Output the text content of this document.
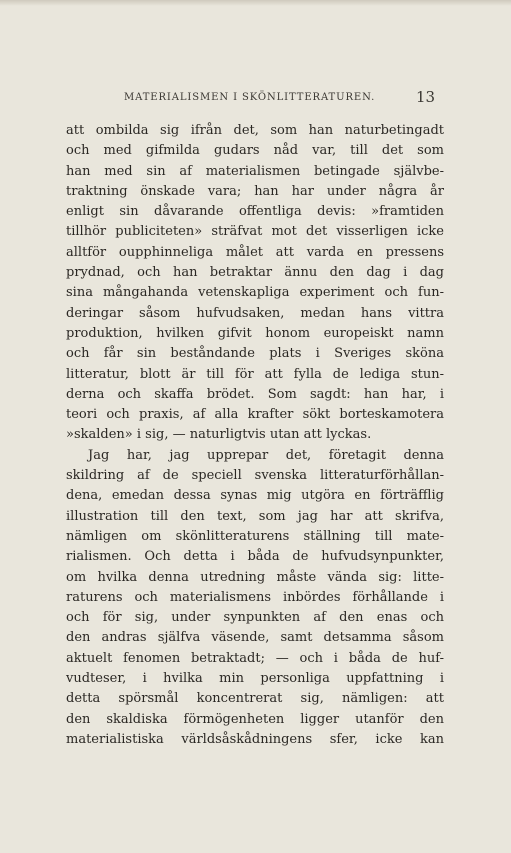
MATERIALISMEN I SKÖNLITTERATUREN.	13
att ombilda sig ifrån det, som han naturbetingadt
och med gifmilda gudars nåd var, till det som
han med sin af materialismen betingade självbe-
traktning önskade vara; han har under några år
enligt sin dåvarande offentliga devis: »framtiden
tillhör publiciteten» sträfvat mot det visserligen icke
alltför oupphinneliga målet att varda en pressens
prydnad, och han betraktar ännu den dag i dag
sina mångahanda vetenskapliga experiment och fun-
deringar såsom hufvudsaken, medan hans vittra
produktion, hvilken gifvit honom europeiskt namn
och får sin beståndande plats i Sveriges sköna
litteratur, blott är till för att fylla de lediga stun-
derna och skaffa brödet. Som sagdt: han har, i
teori och praxis, af alla krafter sökt borteskamotera
»skalden» i sig, — naturligtvis utan att lyckas.
Jag har, jag upprepar det, företagit denna
skildring af de speciell svenska litteraturförhållan-
dena, emedan dessa synas mig utgöra en förträfflig
illustration till den text, som jag har att skrifva,
nämligen om skönlitteraturens ställning till mate-
rialismen. Och detta i båda de hufvudsynpunkter,
om hvilka denna utredning måste vända sig: litte-
raturens och materialismens inbördes förhållande i
och för sig, under synpunkten af den enas och
den andras själfva väsende, samt detsamma såsom
aktuelt fenomen betraktadt; — och i båda de huf-
vudteser, i hvilka min personliga uppfattning i
detta spörsmål koncentrerat sig, nämligen: att
den skaldiska förmögenheten ligger utanför den
materialistiska världsåskådningens sfer, icke kan
